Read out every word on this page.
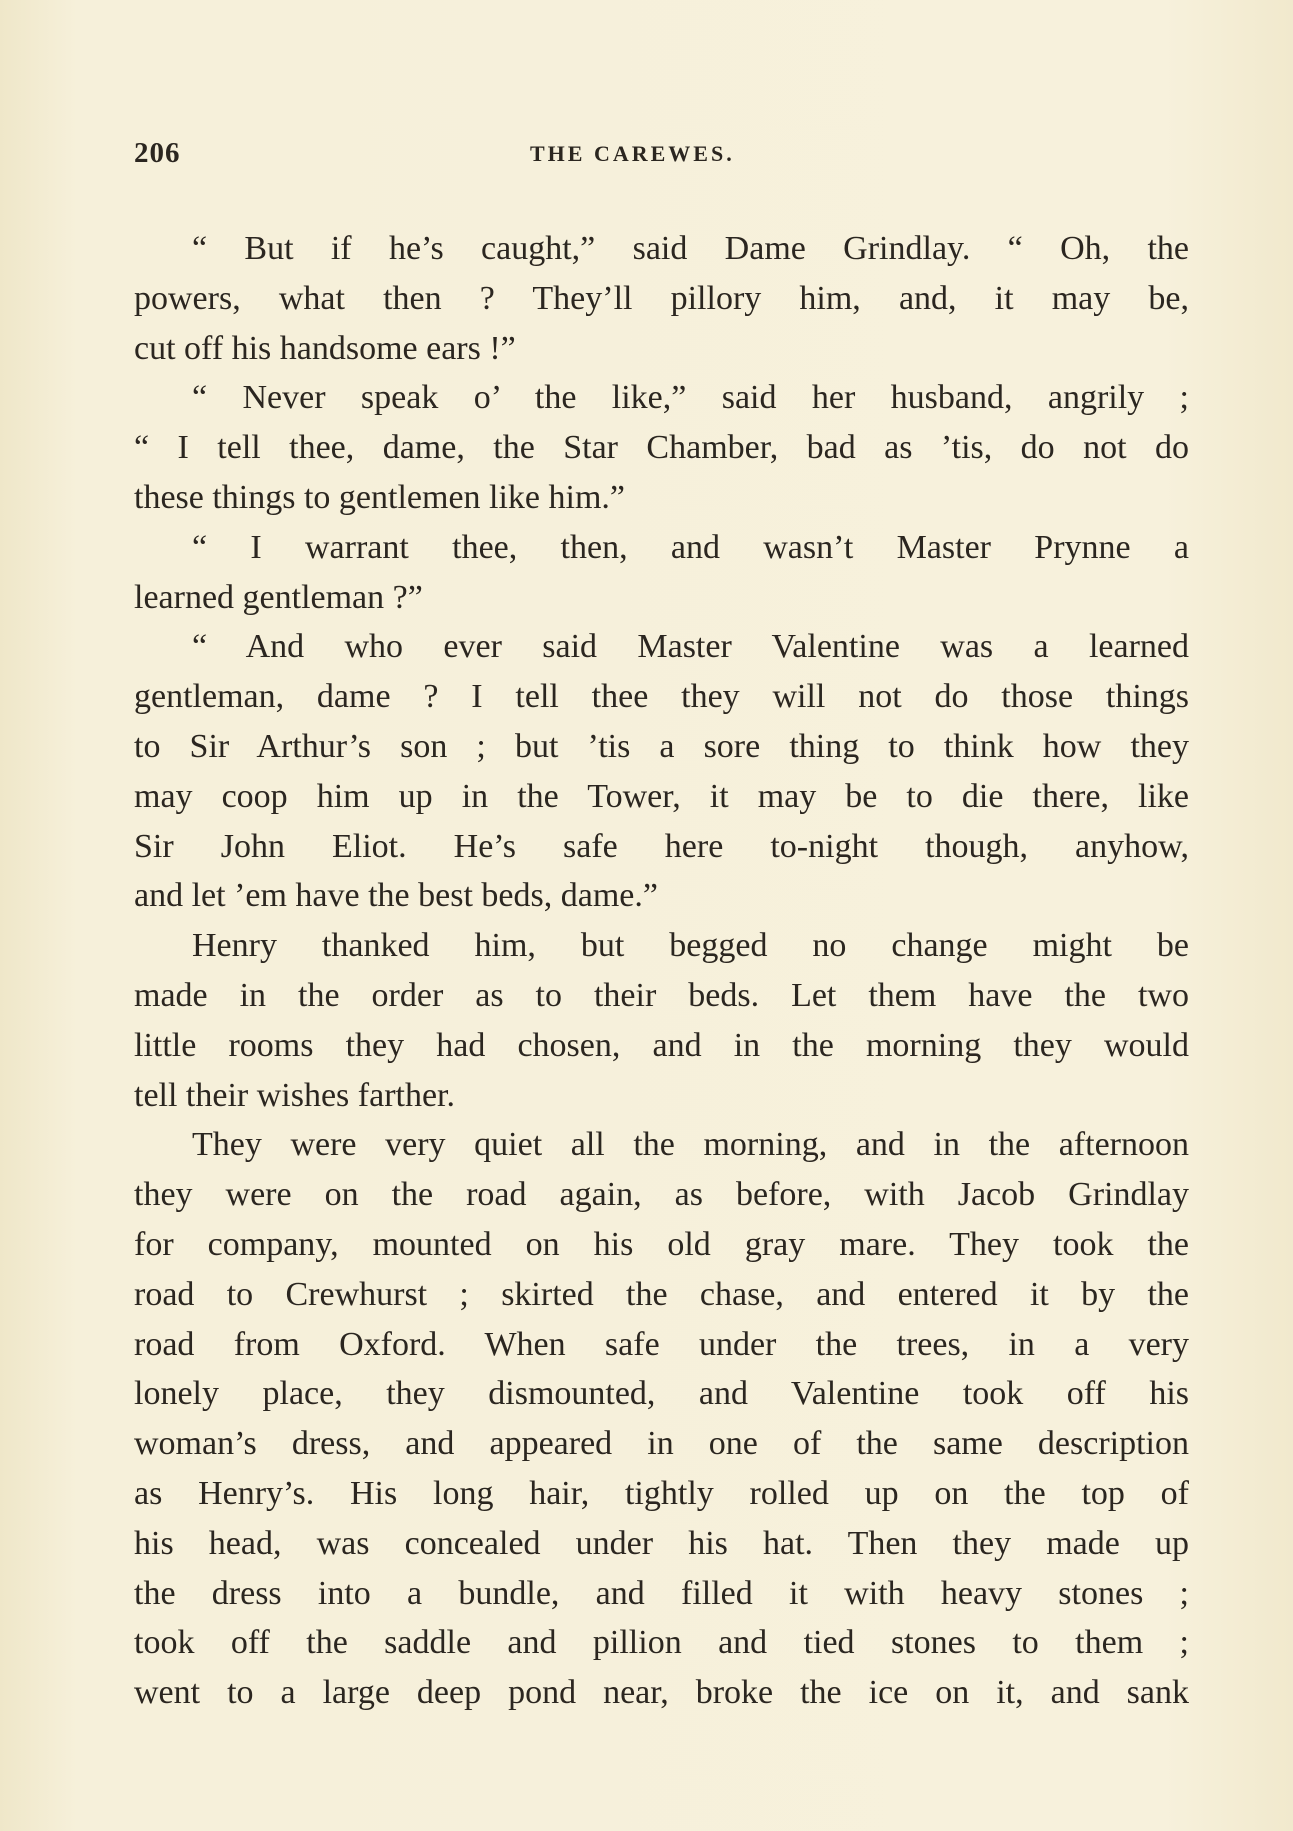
206	THE CAREWES.
“ But if he’s caught,” said Dame Grindlay. “ Oh, the
powers, what then ? They’ll pillory him, and, it may be,
cut off his handsome ears !”
“ Never speak o’ the like,” said her husband, angrily ;
“ I tell thee, dame, the Star Chamber, bad as ’tis, do not do
these things to gentlemen like him.”
“ I warrant thee, then, and wasn’t Master Prynne a
learned gentleman ?”
“ And who ever said Master Valentine was a learned
gentleman, dame ? I tell thee they will not do those things
to Sir Arthur’s son ; but ’tis a sore thing to think how they
may coop him up in the Tower, it may be to die there, like
Sir John Eliot. He’s safe here to-night though, anyhow,
and let ’em have the best beds, dame.”
Henry thanked him, but begged no change might be
made in the order as to their beds. Let them have the two
little rooms they had chosen, and in the morning they would
tell their wishes farther.
They were very quiet all the morning, and in the afternoon
they were on the road again, as before, with Jacob Grindlay
for company, mounted on his old gray mare. They took the
road to Crewhurst ; skirted the chase, and entered it by the
road from Oxford. When safe under the trees, in a very
lonely place, they dismounted, and Valentine took off his
woman’s dress, and appeared in one of the same description
as Henry’s. His long hair, tightly rolled up on the top of
his head, was concealed under his hat. Then they made up
the dress into a bundle, and filled it with heavy stones ;
took off the saddle and pillion and tied stones to them ;
went to a large deep pond near, broke the ice on it, and sank
